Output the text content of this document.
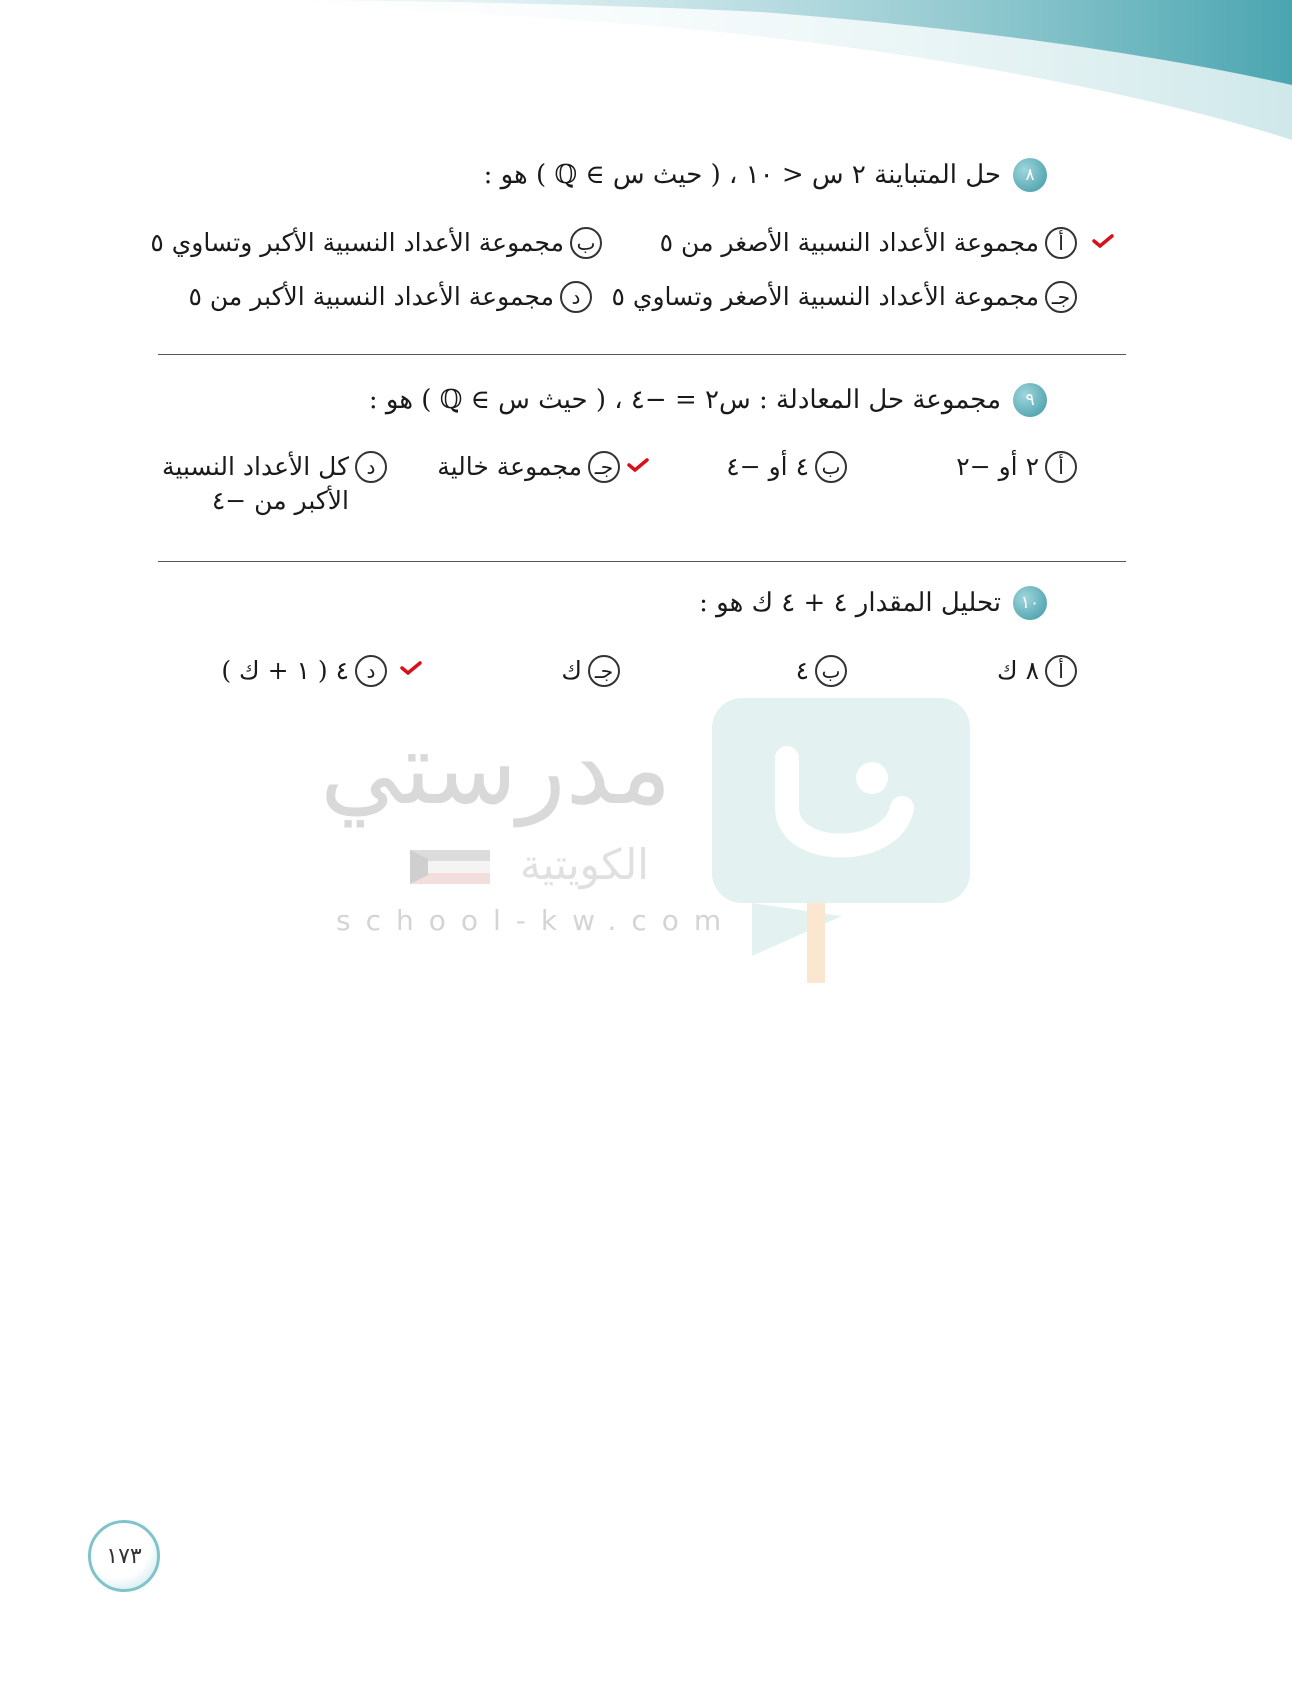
٨
حل المتباينة ٢ س < ١٠ ، ( حيث س ∋ ℚ ) هو :
أ
مجموعة الأعداد النسبية الأصغر من ٥
ب
مجموعة الأعداد النسبية الأكبر وتساوي ٥
جـ
مجموعة الأعداد النسبية الأصغر وتساوي ٥
د
مجموعة الأعداد النسبية الأكبر من ٥
٩
مجموعة حل المعادلة : س٢ = −٤ ، ( حيث س ∋ ℚ ) هو :
أ
٢ أو −٢
ب
٤ أو −٤
جـ
مجموعة خالية
د
كل الأعداد النسبية
الأكبر من −٤
١٠
تحليل المقدار ٤ + ٤ ك هو :
أ
٨ ك
ب
٤
جـ
ك
د
٤ ( ١ + ك )
مدرستي
الكويتية
school-kw.com
١٧٣
